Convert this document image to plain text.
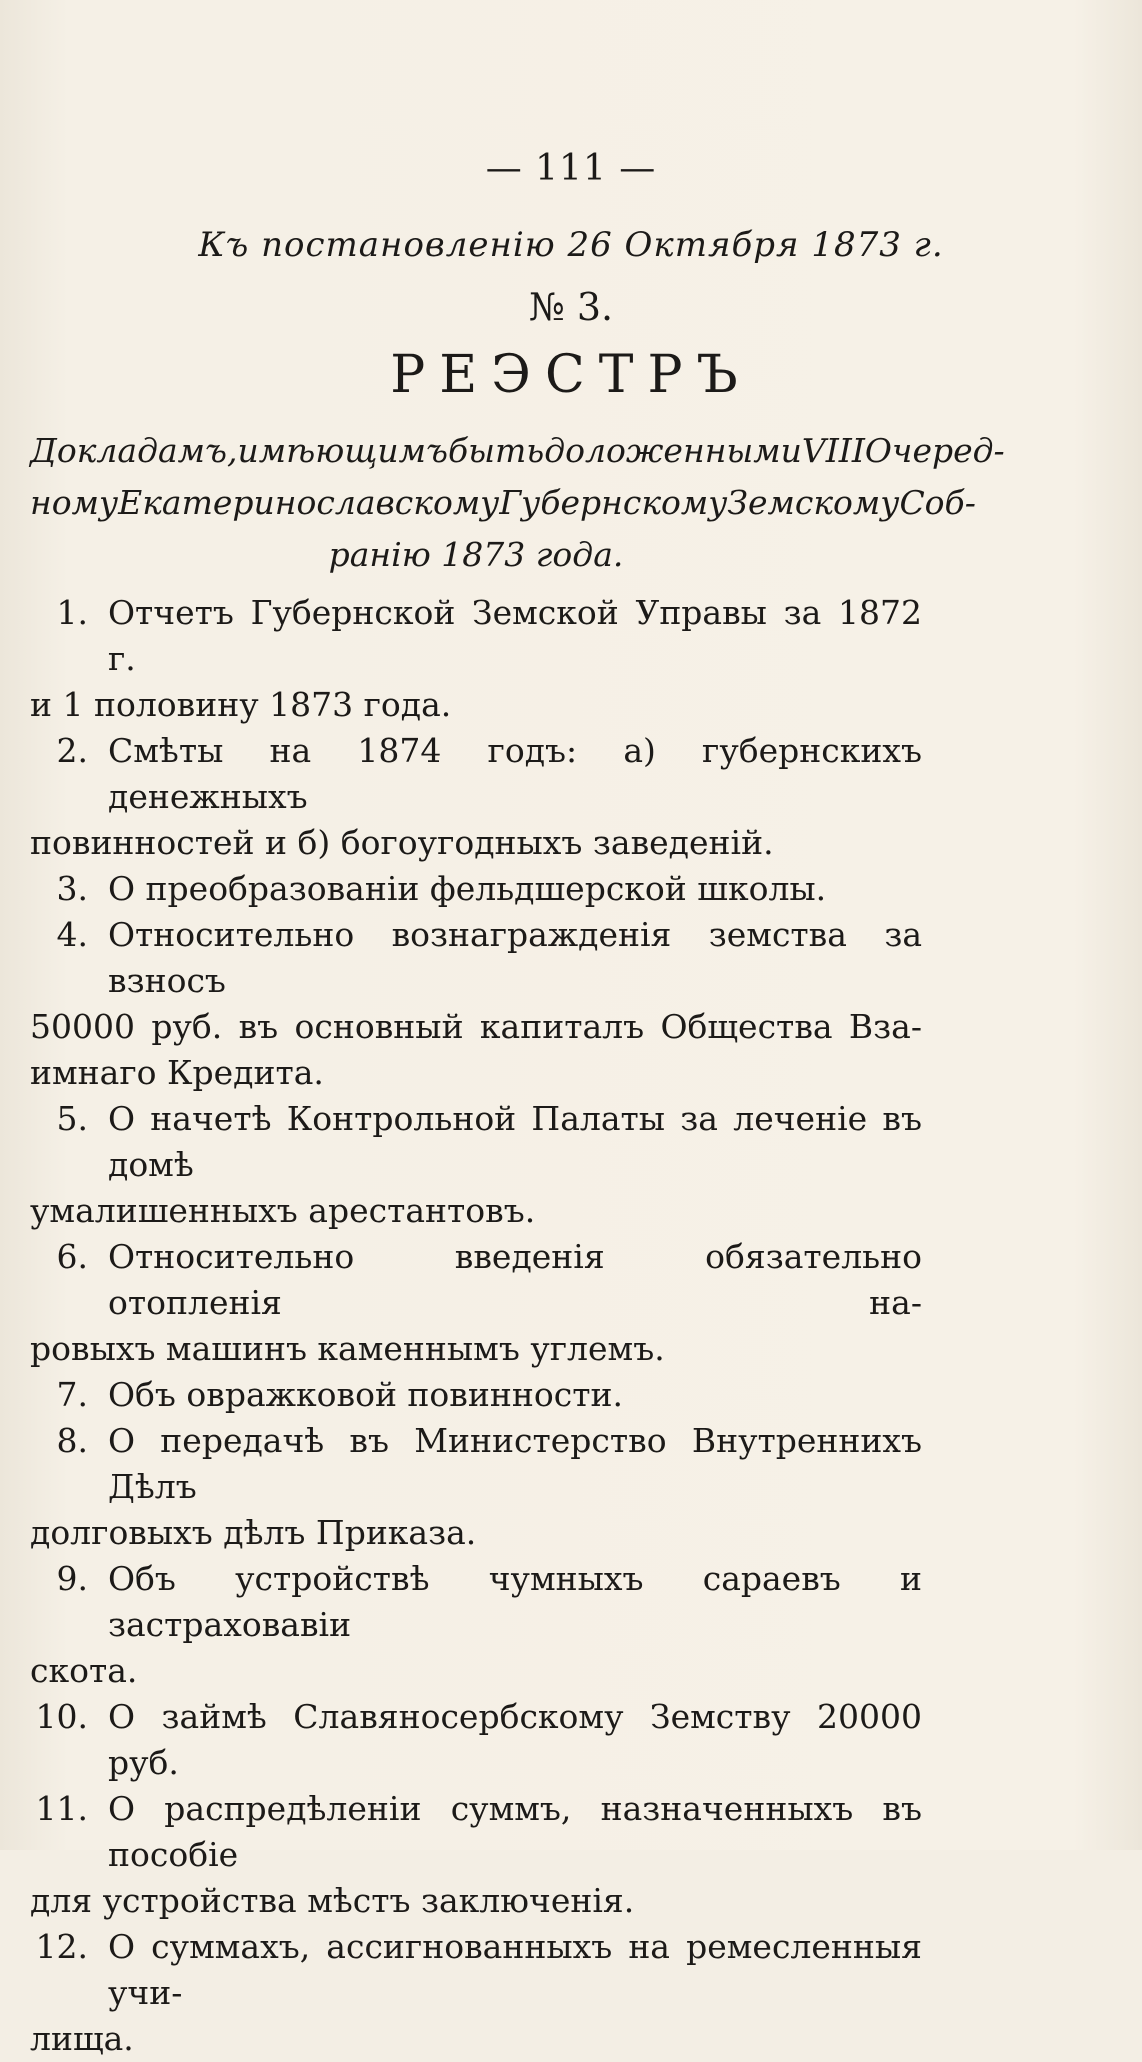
— 111 —
Къ постановленію 26 Октября 1873 г.
№ 3.
РЕЭСТРЪ
Докладамъ, имѣющимъ быть доложенными VIII Очеред-
ному Екатеринославскому Губернскому Земскому Соб-
ранію 1873 года.
1. Отчетъ Губернской Земской Управы за 1872 г.
и 1 половину 1873 года.
2. Смѣты на 1874 годъ: а) губернскихъ денежныхъ
повинностей и б) богоугодныхъ заведеній.
3. О преобразованіи фельдшерской школы.
4. Относительно вознагражденія земства за взносъ
50000 руб. въ основный капиталъ Общества Вза-
имнаго Кредита.
5. О начетѣ Контрольной Палаты за леченіе въ домѣ
умалишенныхъ арестантовъ.
6. Относительно введенія обязательно отопленія на-
ровыхъ машинъ каменнымъ углемъ.
7. Объ овражковой повинности.
8. О передачѣ въ Министерство Внутреннихъ Дѣлъ
долговыхъ дѣлъ Приказа.
9. Объ устройствѣ чумныхъ сараевъ и застраховавіи
скота.
10. О займѣ Славяносербскому Земству 20000 руб.
11. О распредѣленіи суммъ, назначенныхъ въ пособіе
для устройства мѣстъ заключенія.
12. О суммахъ, ассигнованныхъ на ремесленныя учи-
лища.
